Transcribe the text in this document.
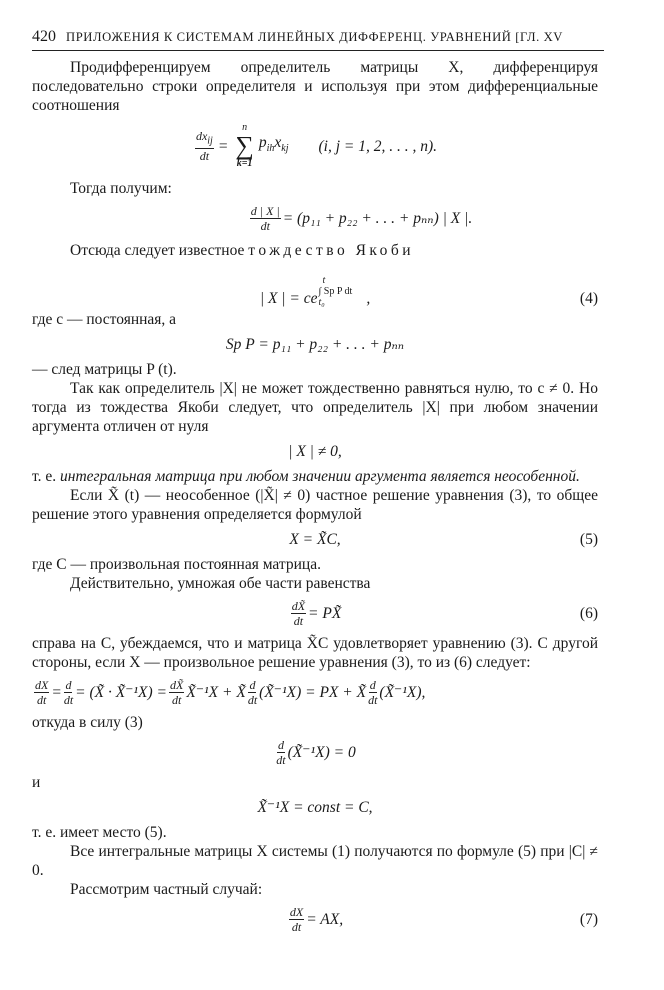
420 ПРИЛОЖЕНИЯ К СИСТЕМАМ ЛИНЕЙНЫХ ДИФФЕРЕНЦ. УРАВНЕНИЙ [ГЛ. XV

Продифференцируем определитель матрицы X, дифференцируя последовательно строки определителя и используя при этом дифференциальные соотношения

$\frac{dx_{ij}}{dt}$ =
n
∑
k=1
$p_{ih}x_{kj}$ (i, j = 1, 2, . . . , n).

Тогда получим:

$\frac{d | X |}{dt} = (p_{11} + p_{22}$ + . . . + pₙₙ) | X |.

Отсюда следует известное тождество Якоби

| X | = ce
t
∫ Sp P dt
t₀	,	(4)

где c — постоянная, а

Sp P = p₁₁ + p₂₂ + . . . + pₙₙ

— след матрицы P (t).

Так как определитель |X| не может тождественно равняться нулю, то c ≠ 0. Но тогда из тождества Якоби следует, что определитель |X| при любом значении аргумента отличен от нуля

| X | ≠ 0,

т. е. интегральная матрица при любом значении аргумента является неособенной.

Если X̃ (t) — неособенное (|X̃| ≠ 0) частное решение уравнения (3), то общее решение этого уравнения определяется формулой

X = X̃C,	(5)

где C — произвольная постоянная матрица.

Действительно, умножая обе части равенства

$\frac{dX̃}{dt}$ = PX̃	(6)

справа на C, убеждаемся, что и матрица X̃C удовлетворяет уравнению (3). С другой стороны, если X — произвольное решение уравнения (3), то из (6) следует:

$\frac{dX}{dt} = \frac{d}{dt}$ = (X̃ · X̃⁻¹X) = $\frac{dX̃}{dt}$ X̃⁻¹X + X̃ $\frac{d}{dt}$ (X̃⁻¹X) = PX + X̃ $\frac{d}{dt}$ (X̃⁻¹X),

откуда в силу (3)

$\frac{d}{dt}$ (X̃⁻¹X) = 0

и

X̃⁻¹X = const = C,

т. е. имеет место (5).

Все интегральные матрицы X системы (1) получаются по формуле (5) при |C| ≠ 0.

Рассмотрим частный случай:

$\frac{dX}{dt}$ = AX,	(7)
